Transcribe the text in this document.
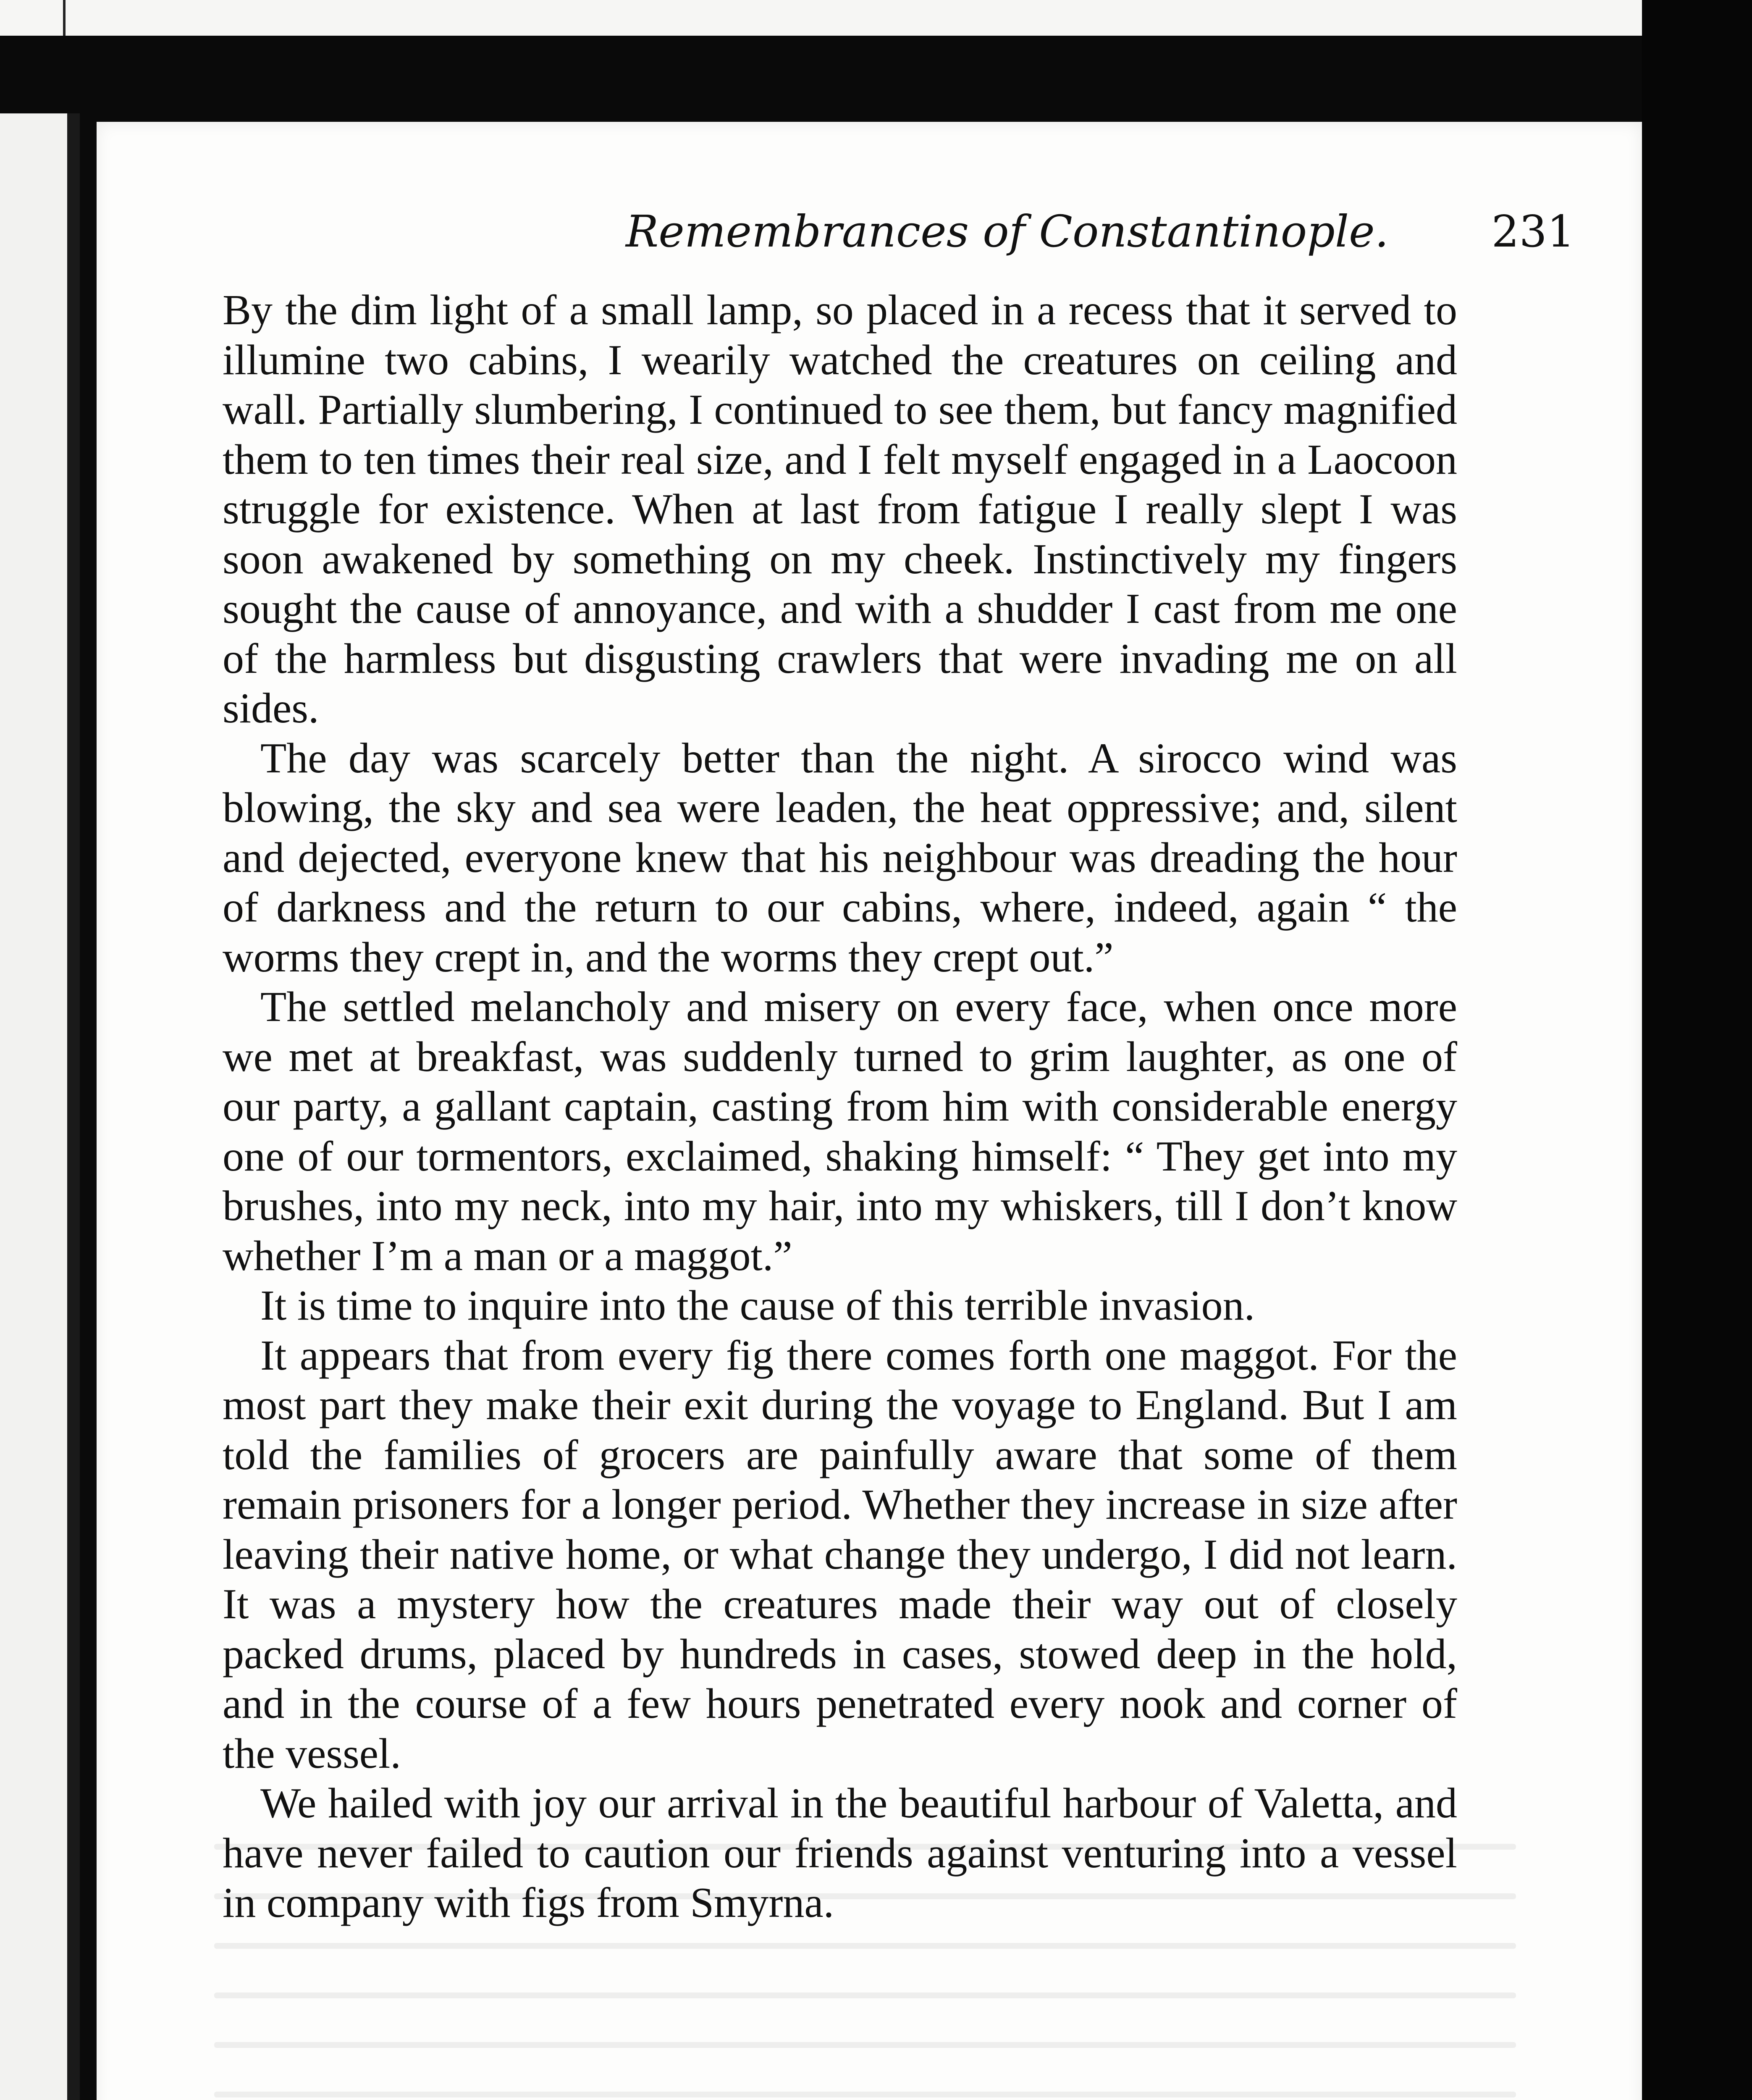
Remembrances of Constantinople. 231

By the dim light of a small lamp, so placed in a recess that it served to illumine two cabins, I wearily watched the creatures on ceiling and wall. Partially slumbering, I continued to see them, but fancy magnified them to ten times their real size, and I felt myself engaged in a Laocoon struggle for existence. When at last from fatigue I really slept I was soon awakened by something on my cheek. Instinctively my fingers sought the cause of annoyance, and with a shudder I cast from me one of the harmless but disgusting crawlers that were invading me on all sides.

The day was scarcely better than the night. A sirocco wind was blowing, the sky and sea were leaden, the heat oppressive; and, silent and dejected, everyone knew that his neighbour was dreading the hour of darkness and the return to our cabins, where, indeed, again “ the worms they crept in, and the worms they crept out.”

The settled melancholy and misery on every face, when once more we met at breakfast, was suddenly turned to grim laughter, as one of our party, a gallant captain, casting from him with considerable energy one of our tormentors, exclaimed, shaking himself: “ They get into my brushes, into my neck, into my hair, into my whiskers, till I don’t know whether I’m a man or a maggot.”

It is time to inquire into the cause of this terrible invasion.

It appears that from every fig there comes forth one maggot. For the most part they make their exit during the voyage to England. But I am told the families of grocers are painfully aware that some of them remain prisoners for a longer period. Whether they increase in size after leaving their native home, or what change they undergo, I did not learn. It was a mystery how the creatures made their way out of closely packed drums, placed by hundreds in cases, stowed deep in the hold, and in the course of a few hours penetrated every nook and corner of the vessel.

We hailed with joy our arrival in the beautiful harbour of Valetta, and have never failed to caution our friends against venturing into a vessel in company with figs from Smyrna.
